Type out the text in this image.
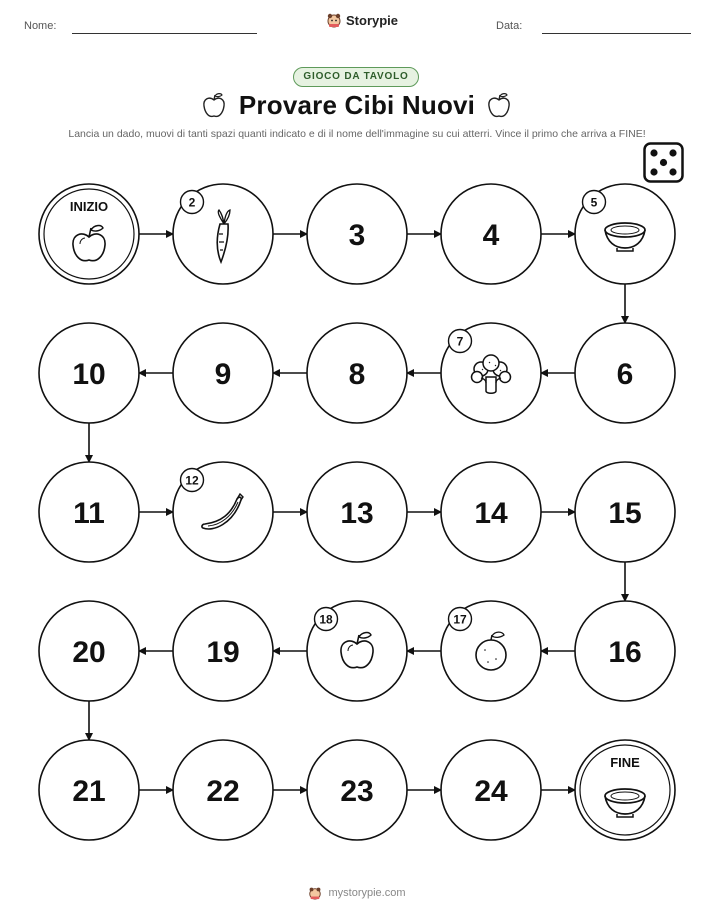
Nome:	Storypie	Data:
GIOCO DA TAVOLO
Provare Cibi Nuovi
Lancia un dado, muovi di tanti spazi quanti indicato e di il nome dell'immagine su cui atterri. Vince il primo che arriva a FINE!
INIZIO	2
3	4
5
6
7
8
9
10
11
12
13	14	15
16
17
18
19
20
21	22	23	24
FINE
mystorypie.com
